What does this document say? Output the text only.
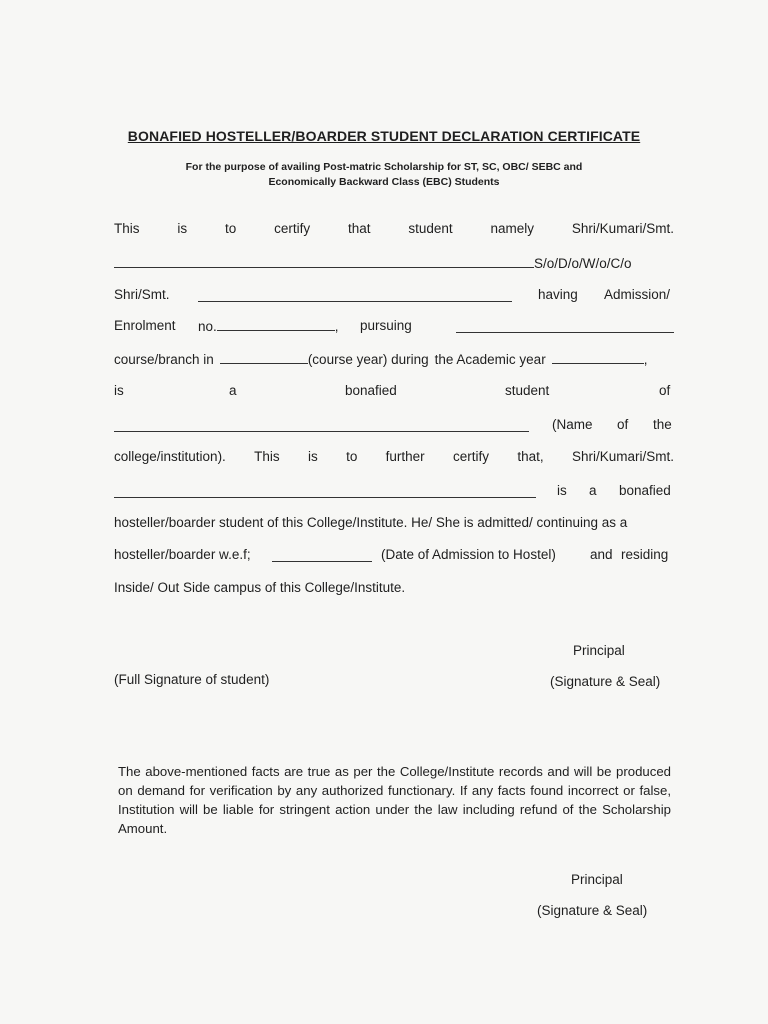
BONAFIED HOSTELLER/BOARDER STUDENT DECLARATION CERTIFICATE
For the purpose of availing Post-matric Scholarship for ST, SC, OBC/ SEBC and
Economically Backward Class (EBC) Students
This	is	to	certify	that	student	namely	Shri/Kumari/Smt.
S/o/D/o/W/o/C/o
Shri/Smt.	having Admission/
Enrolment no.	, pursuing
course/branch in	(course year) during the Academic year	,
is	a	bonafied	student	of
(Name of the
college/institution). This is to further certify that, Shri/Kumari/Smt.
is a bonafied
hosteller/boarder student of this College/Institute. He/ She is admitted/ continuing as a
hosteller/boarder w.e.f;	(Date of Admission to Hostel)	and residing
Inside/ Out Side campus of this College/Institute.
Principal
(Full Signature of student)	(Signature & Seal)
The above-mentioned facts are true as per the College/Institute records and will be produced on demand for verification by any authorized functionary. If any facts found incorrect or false, Institution will be liable for stringent action under the law including refund of the Scholarship Amount.
Principal
(Signature & Seal)
